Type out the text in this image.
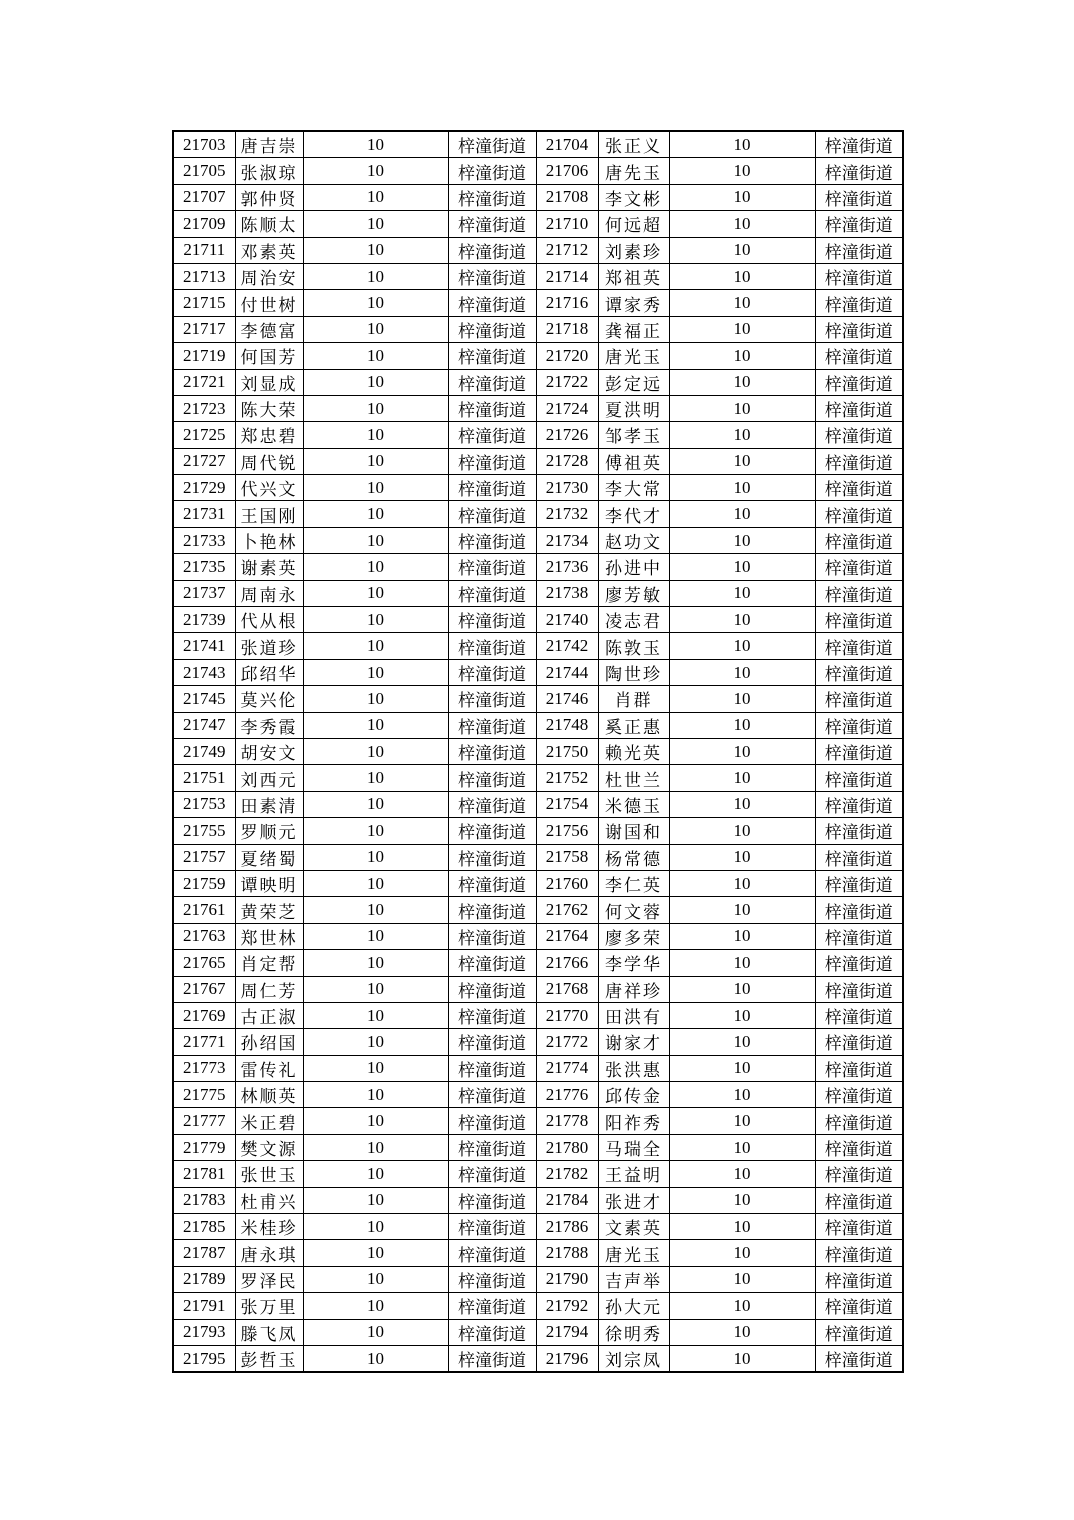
21703	唐吉崇	10	梓潼街道	21704	张正义	10	梓潼街道
21705	张淑琼	10	梓潼街道	21706	唐先玉	10	梓潼街道
21707	郭仲贤	10	梓潼街道	21708	李文彬	10	梓潼街道
21709	陈顺太	10	梓潼街道	21710	何远超	10	梓潼街道
21711	邓素英	10	梓潼街道	21712	刘素珍	10	梓潼街道
21713	周治安	10	梓潼街道	21714	郑祖英	10	梓潼街道
21715	付世树	10	梓潼街道	21716	谭家秀	10	梓潼街道
21717	李德富	10	梓潼街道	21718	龚福正	10	梓潼街道
21719	何国芳	10	梓潼街道	21720	唐光玉	10	梓潼街道
21721	刘显成	10	梓潼街道	21722	彭定远	10	梓潼街道
21723	陈大荣	10	梓潼街道	21724	夏洪明	10	梓潼街道
21725	郑忠碧	10	梓潼街道	21726	邹孝玉	10	梓潼街道
21727	周代锐	10	梓潼街道	21728	傅祖英	10	梓潼街道
21729	代兴文	10	梓潼街道	21730	李大常	10	梓潼街道
21731	王国刚	10	梓潼街道	21732	李代才	10	梓潼街道
21733	卜艳林	10	梓潼街道	21734	赵功文	10	梓潼街道
21735	谢素英	10	梓潼街道	21736	孙进中	10	梓潼街道
21737	周南永	10	梓潼街道	21738	廖芳敏	10	梓潼街道
21739	代从根	10	梓潼街道	21740	凌志君	10	梓潼街道
21741	张道珍	10	梓潼街道	21742	陈敦玉	10	梓潼街道
21743	邱绍华	10	梓潼街道	21744	陶世珍	10	梓潼街道
21745	莫兴伦	10	梓潼街道	21746	肖群	10	梓潼街道
21747	李秀霞	10	梓潼街道	21748	奚正惠	10	梓潼街道
21749	胡安文	10	梓潼街道	21750	赖光英	10	梓潼街道
21751	刘西元	10	梓潼街道	21752	杜世兰	10	梓潼街道
21753	田素清	10	梓潼街道	21754	米德玉	10	梓潼街道
21755	罗顺元	10	梓潼街道	21756	谢国和	10	梓潼街道
21757	夏绪蜀	10	梓潼街道	21758	杨常德	10	梓潼街道
21759	谭映明	10	梓潼街道	21760	李仁英	10	梓潼街道
21761	黄荣芝	10	梓潼街道	21762	何文蓉	10	梓潼街道
21763	郑世林	10	梓潼街道	21764	廖多荣	10	梓潼街道
21765	肖定帮	10	梓潼街道	21766	李学华	10	梓潼街道
21767	周仁芳	10	梓潼街道	21768	唐祥珍	10	梓潼街道
21769	古正淑	10	梓潼街道	21770	田洪有	10	梓潼街道
21771	孙绍国	10	梓潼街道	21772	谢家才	10	梓潼街道
21773	雷传礼	10	梓潼街道	21774	张洪惠	10	梓潼街道
21775	林顺英	10	梓潼街道	21776	邱传金	10	梓潼街道
21777	米正碧	10	梓潼街道	21778	阳祚秀	10	梓潼街道
21779	樊文源	10	梓潼街道	21780	马瑞全	10	梓潼街道
21781	张世玉	10	梓潼街道	21782	王益明	10	梓潼街道
21783	杜甫兴	10	梓潼街道	21784	张进才	10	梓潼街道
21785	米桂珍	10	梓潼街道	21786	文素英	10	梓潼街道
21787	唐永琪	10	梓潼街道	21788	唐光玉	10	梓潼街道
21789	罗泽民	10	梓潼街道	21790	吉声举	10	梓潼街道
21791	张万里	10	梓潼街道	21792	孙大元	10	梓潼街道
21793	滕飞凤	10	梓潼街道	21794	徐明秀	10	梓潼街道
21795	彭哲玉	10	梓潼街道	21796	刘宗凤	10	梓潼街道
